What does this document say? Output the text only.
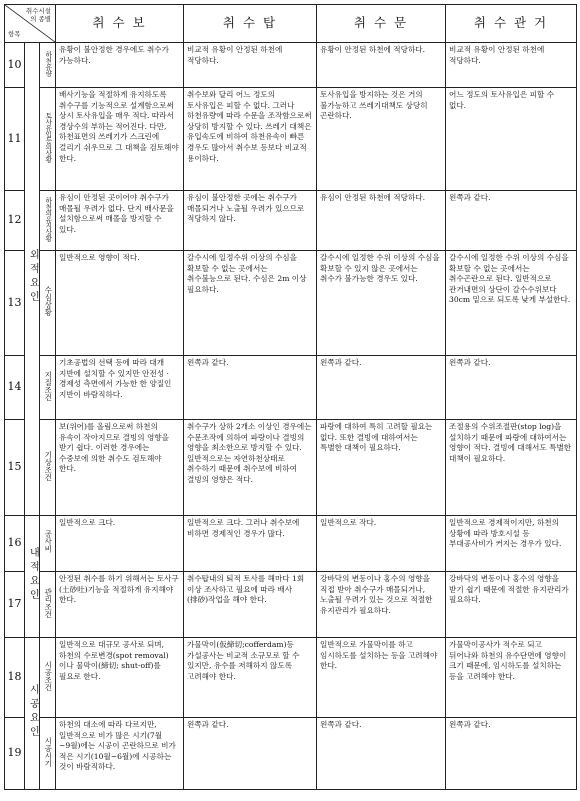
취수시설
의 종별
항목			취 수 보	취 수 탑	취 수 문	취 수 관 거
10	외적요인	하천유량	유황이 불안정한 경우에도 취수가 가능하다.	비교적 유황이 안정된 하천에 적당하다.	유황이 안정된 하천에 적당하다.	비교적 유황이 안정된 하천에 적당하다.
11		토사유입등의상황	배사기능을 적절하게 유지하도록 취수구를 기능적으로 설계함으로써 상시 토사유입을 매우 적다. 따라서 경상수의 부하는 적어진다. 다만, 하천표면의 쓰레기가 스크린에 걸리기 쉬우므로 그 대책을 검토해야 한다.	취수보와 달리 어느 정도의 토사유입은 피할 수 없다. 그러나 하천유량에 따라 수문을 조작함으로써 상당히 방지할 수 있다. 쓰레기 대책은 유입속도에 비하여 하천유속이 빠른 경우도 많아서 취수보 등보다 비교적 용이하다.	토사유입을 방지하는 것은 거의 불가능하고 쓰레기대책도 상당히 곤란하다.	어느 정도의 토사유입은 피할 수 없다.
12		하천의유지상황	유심이 안정된 곳이어야 취수구가 매몰될 우려가 없다. 단지 배사문을 설치함으로써 매몰을 방지할 수 있다.	유심이 불안정한 곳에는 취수구가 매몰되거나 노출될 우려가 있으므로 적당하지 않다.	유심이 안정된 하천에 적당하다.	왼쪽과 같다.
13		수심상황	일반적으로 영향이 적다.	갈수시에 일정수위 이상의 수심을 확보할 수 없는 곳에서는 취수불능으로 된다. 수심은 2m 이상 필요하다.	갈수시에 일정한 수위 이상의 수심을 확보할 수 있지 않은 곳에서는 취수가 불가능한 경우도 있다.	갈수시에 일정한 수위 이상의 수심을 확보할 수 없는 곳에서는 취수곤란으로 된다. 일반적으로 관거내면의 상단이 갈수수위보다 30cm 밑으로 되도록 낮게 부설한다.
14		지질조건	기초공법의 선택 등에 따라 대개 지반에 설치할 수 있지만 안전성 · 경제성 측면에서 가능한 한 양질인 지반이 바람직하다.	왼쪽과 같다.	왼쪽과 같다.	왼쪽과 같다.
15		기상조건	보(위어)를 올림으로써 하천의 유속이 작아지므로 결빙의 영향을 받기 쉽다. 이러한 경우에는 수중보에 의한 취수도 검토해야 한다.	취수구가 상하 2개소 이상인 경우에는 수문조작에 의하여 파랑이나 결빙의 영향을 최소한으로 방지할 수 있다. 일반적으로는 자연하천상태로 취수하기 때문에 취수보에 비하여 결빙의 영향은 적다.	파랑에 대하여 특히 고려할 필요는 없다. 또한 결빙에 대하여서는 특별한 대책이 필요하다.	조절용의 수위조절판(stop log)을 설치하기 때문에 파랑에 대하여서는 영향이 적다. 결빙에 대해서도 특별한 대책이 필요하다.
16	내적요인	공사비	일반적으로 크다.	일반적으로 크다. 그러나 취수보에 비하면 경제적인 경우가 많다.	일반적으로 작다.	일반적으로 경제적이지만, 하천의 상황에 따라 방호시설 등 부대공사비가 커지는 경우가 있다.
17		관리조건	안정된 취수를 하기 위해서는 토사구(土砂吐)기능을 적절하게 유지해야 한다.	취수탑내의 퇴적 토사를 해마다 1회 이상 조사하고 필요에 따라 배사(排砂)작업을 해야 한다.	강바닥의 변동이나 홍수의 영향을 직접 받아 취수구가 매몰되거나, 노출될 우려가 있는 것으로 적절한 유지관리가 필요하다.	강바닥의 변동이나 홍수의 영향을 받기 쉽기 때문에 적절한 유지관리가 필요하다.
18	시공요인	시공조건	일반적으로 대규모 공사로 되며, 하천의 수로변경(spot removal)이나 물막이(締切; shut-off)를 필요로 한다.	가물막이(仮締切;cofferdam)등 가설공사는 비교적 소규모로 할 수 있지만, 유수를 저해하지 않도록 고려해야 한다.	일반적으로 가물막이를 하고 임시하도를 설치하는 등을 고려해야 한다.	가물막이공사가 적수로 되고 뒤어나와 하천의 유수단면에 영향이 크기 때문에, 임시하도를 설치하는 등을 고려해야 한다.
19		시공시기	하천의 대소에 따라 다르지만, 일반적으로 비가 많은 시기(7월~9월)에는 시공이 곤란하므로 비가 적은 시기(10월~6월)에 시공하는 것이 바람직하다.	왼쪽과 같다.	왼쪽과 같다.	왼쪽과 같다.
